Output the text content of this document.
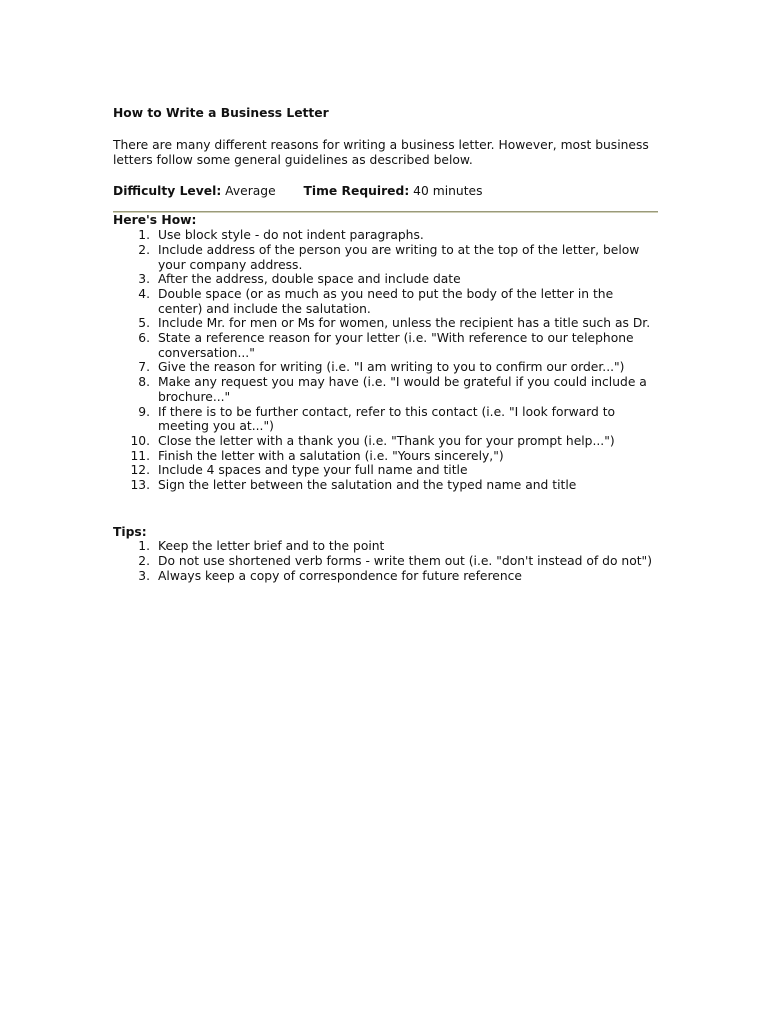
How to Write a Business Letter

There are many different reasons for writing a business letter. However, most business letters follow some general guidelines as described below.

Difficulty Level: Average Time Required: 40 minutes

Here's How:

1. Use block style - do not indent paragraphs.
2. Include address of the person you are writing to at the top of the letter, below your company address.
3. After the address, double space and include date
4. Double space (or as much as you need to put the body of the letter in the center) and include the salutation.
5. Include Mr. for men or Ms for women, unless the recipient has a title such as Dr.
6. State a reference reason for your letter (i.e. "With reference to our telephone conversation..."
7. Give the reason for writing (i.e. "I am writing to you to confirm our order...")
8. Make any request you may have (i.e. "I would be grateful if you could include a brochure..."
9. If there is to be further contact, refer to this contact (i.e. "I look forward to meeting you at...")
10. Close the letter with a thank you (i.e. "Thank you for your prompt help...")
11. Finish the letter with a salutation (i.e. "Yours sincerely,")
12. Include 4 spaces and type your full name and title
13. Sign the letter between the salutation and the typed name and title

Tips:

1. Keep the letter brief and to the point
2. Do not use shortened verb forms - write them out (i.e. "don't instead of do not")
3. Always keep a copy of correspondence for future reference
